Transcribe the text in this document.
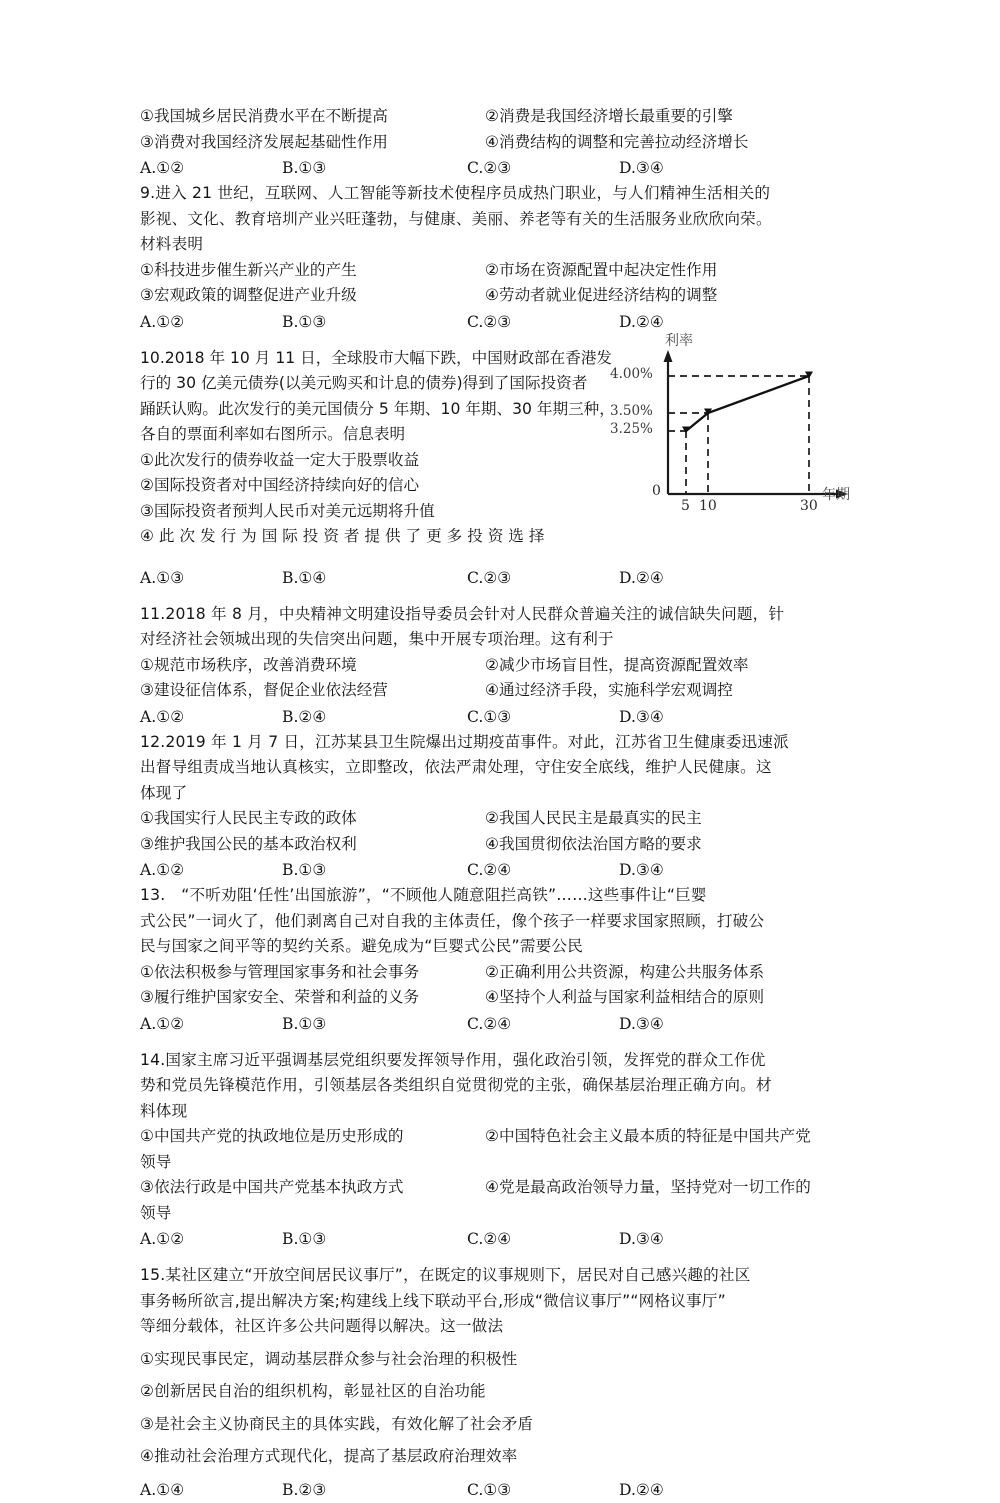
①我国城乡居民消费水平在不断提高	②消费是我国经济增长最重要的引擎
③消费对我国经济发展起基础性作用	④消费结构的调整和完善拉动经济增长
A.①②	B.①③	C.②③	D.③④
9.进入 21 世纪，互联网、人工智能等新技术使程序员成热门职业，与人们精神生活相关的
影视、文化、教育培圳产业兴旺蓬勃，与健康、美丽、养老等有关的生活服务业欣欣向荣。
材料表明
①科技进步催生新兴产业的产生	②市场在资源配置中起决定性作用
③宏观政策的调整促进产业升级	④劳动者就业促进经济结构的调整
A.①②	B.①③	C.②③	D.②④
10.2018 年 10 月 11 日，全球股市大幅下跌，中国财政部在香港发
行的 30 亿美元债券(以美元购买和计息的债券)得到了国际投资者
踊跃认购。此次发行的美元国债分 5 年期、10 年期、30 年期三种，
各自的票面利率如右图所示。信息表明
①此次发行的债券收益一定大于股票收益
②国际投资者对中国经济持续向好的信心
③国际投资者预判人民币对美元远期将升值
④ 此 次 发 行 为 国 际 投 资 者 提 供 了 更 多 投 资 选 择
利率
年期
4.00%
3.50%
3.25%
0
5 10	30
A.①③	B.①④	C.②③	D.②④
11.2018 年 8 月，中央精神文明建设指导委员会针对人民群众普遍关注的诚信缺失问题，针
对经济社会领城出现的失信突出问题，集中开展专项治理。这有利于
①规范市场秩序，改善消费环境	②减少市场盲目性，提高资源配置效率
③建设征信体系，督促企业依法经营	④通过经济手段，实施科学宏观调控
A.①②	B.②④	C.①③	D.③④
12.2019 年 1 月 7 日，江苏某县卫生院爆出过期疫苗事件。对此，江苏省卫生健康委迅速派
出督导组责成当地认真核实，立即整改，依法严肃处理，守住安全底线，维护人民健康。这
体现了
①我国实行人民民主专政的政体	②我国人民民主是最真实的民主
③维护我国公民的基本政治权利	④我国贯彻依法治国方略的要求
A.①②	B.①③	C.②④	D.③④
13.　“不听劝阻‘任性’出国旅游”，“不顾他人随意阻拦高铁”……这些事件让“巨婴
式公民”一词火了，他们剥离自己对自我的主体责任，像个孩子一样要求国家照顾，打破公
民与国家之间平等的契约关系。避免成为“巨婴式公民”需要公民
①依法积极参与管理国家事务和社会事务	②正确利用公共资源，构建公共服务体系
③履行维护国家安全、荣誉和利益的义务	④坚持个人利益与国家利益相结合的原则
A.①②	B.①③	C.②④	D.③④
14.国家主席习近平强调基层党组织要发挥领导作用，强化政治引领，发挥党的群众工作优
势和党员先锋模范作用，引领基层各类组织自觉贯彻党的主张，确保基层治理正确方向。材
料体现
①中国共产党的执政地位是历史形成的	②中国特色社会主义最本质的特征是中国共产党
领导
③依法行政是中国共产党基本执政方式	④党是最高政治领导力量，坚持党对一切工作的
领导
A.①②	B.①③	C.②④	D.③④
15.某社区建立“开放空间居民议事厅”，在既定的议事规则下，居民对自己感兴趣的社区
事务畅所欲言,提出解决方案;构建线上线下联动平台,形成“微信议事厅”“网格议事厅”
等细分载体，社区许多公共问题得以解决。这一做法
①实现民事民定，调动基层群众参与社会治理的积极性
②创新居民自治的组织机构，彰显社区的自治功能
③是社会主义协商民主的具体实践，有效化解了社会矛盾
④推动社会治理方式现代化，提高了基层政府治理效率
A.①④	B.②③	C.①③	D.②④
